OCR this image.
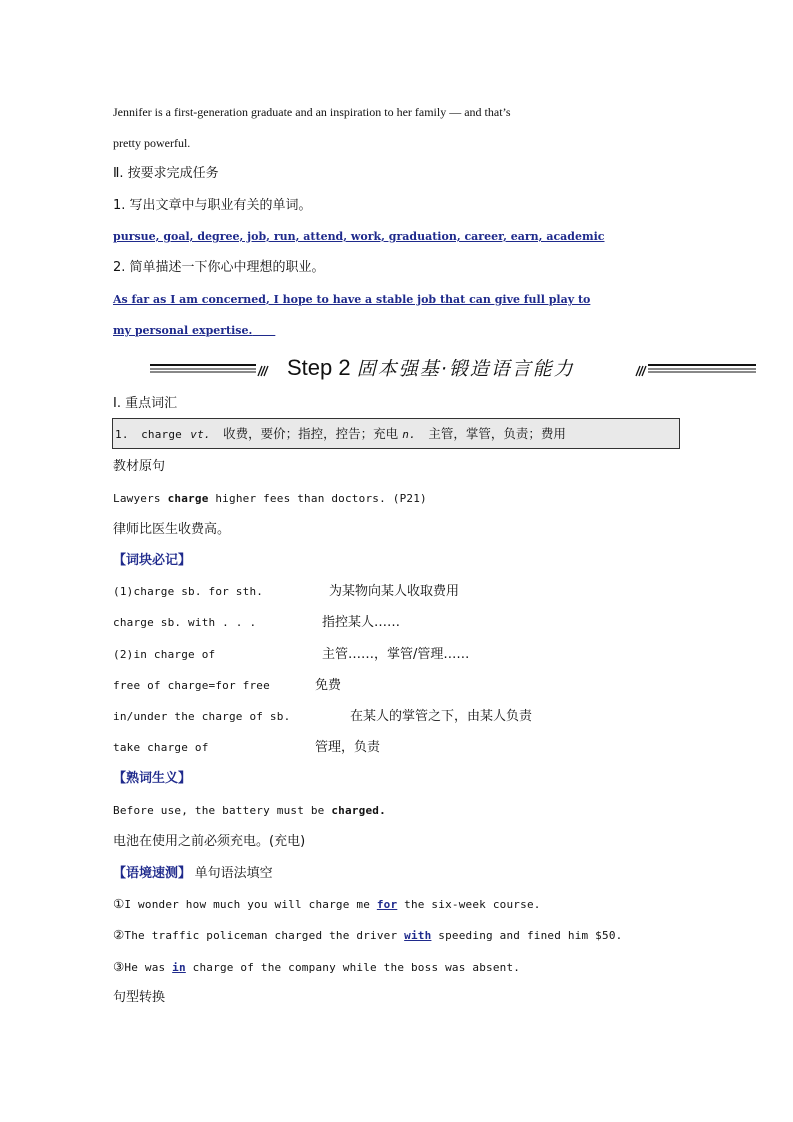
Jennifer is a first-generation graduate and an inspiration to her family — and that’s
pretty powerful.
Ⅱ. 按要求完成任务
1. 写出文章中与职业有关的单词。
pursue, goal, degree, job, run, attend, work, graduation, career, earn, academic
2. 简单描述一下你心中理想的职业。
As far as I am concerned, I hope to have a stable job that can give full play to
my personal expertise.
Step 2 固本强基·锻造语言能力
Ⅰ. 重点词汇
1. charge vt. 收费，要价；指控，控告；充电 n. 主管，掌管，负责；费用
教材原句
Lawyers charge higher fees than doctors. (P21)
律师比医生收费高。
【词块必记】
(1)charge sb. for sth.	为某物向某人收取费用
charge sb. with . . .	指控某人……
(2)in charge of	主管……，掌管/管理……
free of charge=for free	免费
in/under the charge of sb.	在某人的掌管之下，由某人负责
take charge of	管理，负责
【熟词生义】
Before use, the battery must be charged.
电池在使用之前必须充电。(充电)
【语境速测】 单句语法填空
①I wonder how much you will charge me for the six-week course.
②The traffic policeman charged the driver with speeding and fined him $50.
③He was in charge of the company while the boss was absent.
句型转换
